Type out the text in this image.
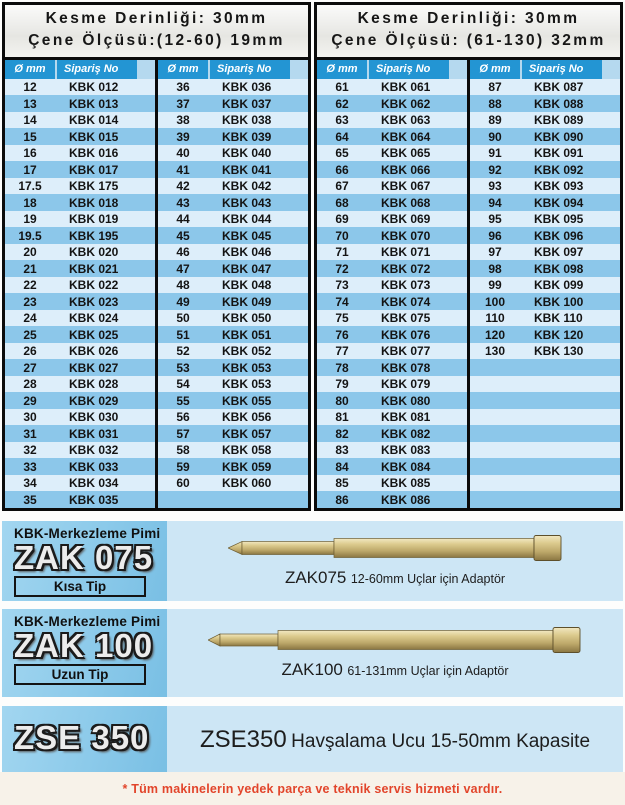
Kesme Derinliği: 30mm
Çene Ölçüsü:(12-60) 19mm
Ø mm	Sipariş No
12	KBK 012
13	KBK 013
14	KBK 014
15	KBK 015
16	KBK 016
17	KBK 017
17.5	KBK 175
18	KBK 018
19	KBK 019
19.5	KBK 195
20	KBK 020
21	KBK 021
22	KBK 022
23	KBK 023
24	KBK 024
25	KBK 025
26	KBK 026
27	KBK 027
28	KBK 028
29	KBK 029
30	KBK 030
31	KBK 031
32	KBK 032
33	KBK 033
34	KBK 034
35	KBK 035
Ø mm	Sipariş No
36	KBK 036
37	KBK 037
38	KBK 038
39	KBK 039
40	KBK 040
41	KBK 041
42	KBK 042
43	KBK 043
44	KBK 044
45	KBK 045
46	KBK 046
47	KBK 047
48	KBK 048
49	KBK 049
50	KBK 050
51	KBK 051
52	KBK 052
53	KBK 053
54	KBK 053
55	KBK 055
56	KBK 056
57	KBK 057
58	KBK 058
59	KBK 059
60	KBK 060
Kesme Derinliği: 30mm
Çene Ölçüsü: (61-130) 32mm
Ø mm	Sipariş No
61	KBK 061
62	KBK 062
63	KBK 063
64	KBK 064
65	KBK 065
66	KBK 066
67	KBK 067
68	KBK 068
69	KBK 069
70	KBK 070
71	KBK 071
72	KBK 072
73	KBK 073
74	KBK 074
75	KBK 075
76	KBK 076
77	KBK 077
78	KBK 078
79	KBK 079
80	KBK 080
81	KBK 081
82	KBK 082
83	KBK 083
84	KBK 084
85	KBK 085
86	KBK 086
Ø mm	Sipariş No
87	KBK 087
88	KBK 088
89	KBK 089
90	KBK 090
91	KBK 091
92	KBK 092
93	KBK 093
94	KBK 094
95	KBK 095
96	KBK 096
97	KBK 097
98	KBK 098
99	KBK 099
100	KBK 100
110	KBK 110
120	KBK 120
130	KBK 130
KBK-Merkezleme Pimi
ZAK 075
Kısa Tip	ZAK075 12-60mm Uçlar için Adaptör
KBK-Merkezleme Pimi
ZAK 100
Uzun Tip	ZAK100 61-131mm Uçlar için Adaptör
ZSE 350	ZSE350 Havşalama Ucu 15-50mm Kapasite
* Tüm makinelerin yedek parça ve teknik servis hizmeti vardır.
